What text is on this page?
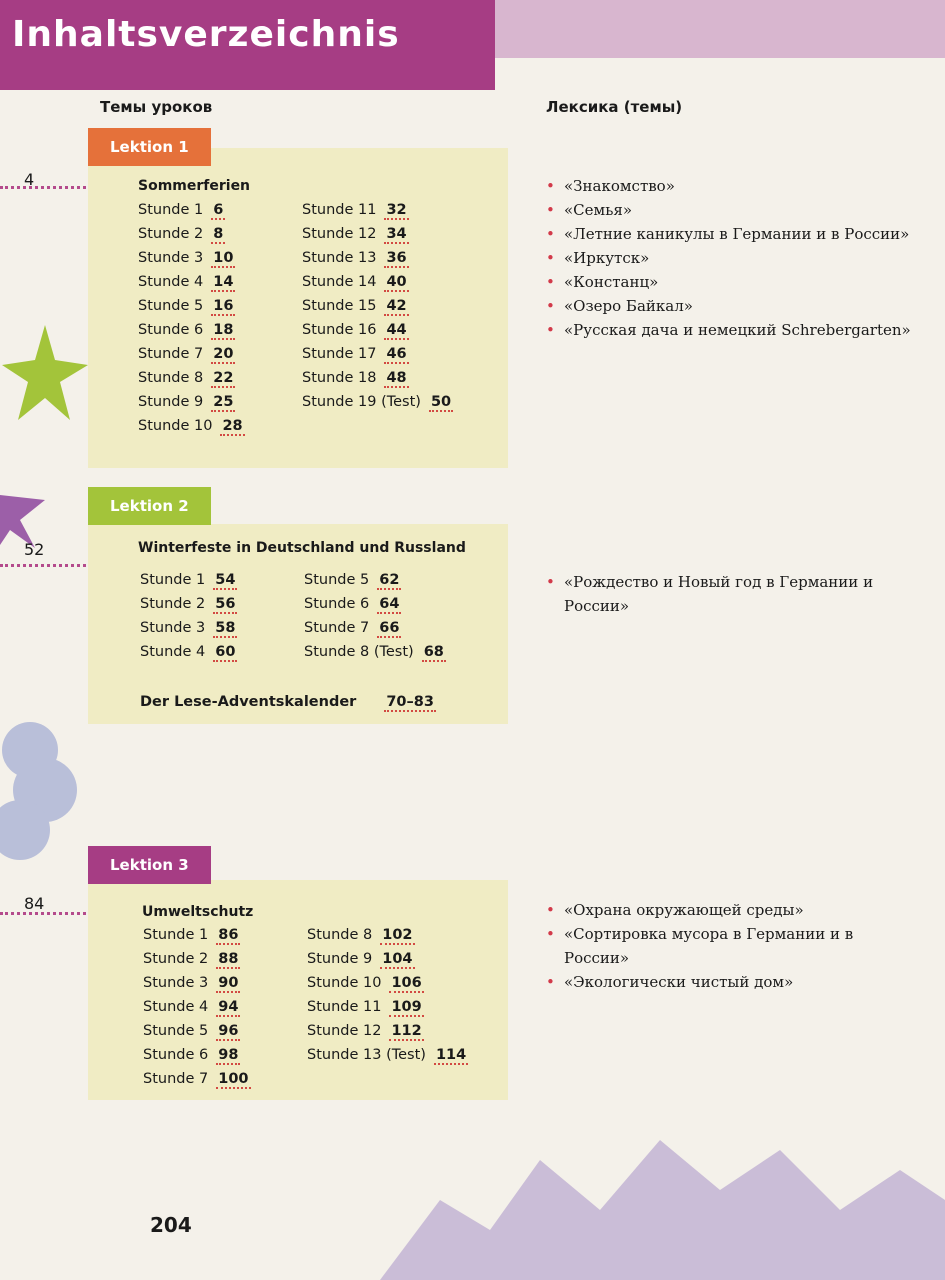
Inhaltsverzeichnis
Темы уроков	Лексика (темы)
Lektion 1
4	Sommerferien
Stunde 1 6
Stunde 2 8
Stunde 3 10
Stunde 4 14
Stunde 5 16
Stunde 6 18
Stunde 7 20
Stunde 8 22
Stunde 9 25
Stunde 10 28
Stunde 11 32
Stunde 12 34
Stunde 13 36
Stunde 14 40
Stunde 15 42
Stunde 16 44
Stunde 17 46
Stunde 18 48
Stunde 19 (Test) 50
• «Знакомство»
• «Семья»
• «Летние каникулы в Германии и в России»
• «Иркутск»
• «Констанц»
• «Озеро Байкал»
• «Русская дача и немецкий Schrebergarten»
Lektion 2
52	Winterfeste in Deutschland und Russland
Stunde 1 54
Stunde 2 56
Stunde 3 58
Stunde 4 60
Stunde 5 62
Stunde 6 64
Stunde 7 66
Stunde 8 (Test) 68
Der Lese-Adventskalender 70–83
• «Рождество и Новый год в Германии и России»
Lektion 3
84	Umweltschutz
Stunde 1 86
Stunde 2 88
Stunde 3 90
Stunde 4 94
Stunde 5 96
Stunde 6 98
Stunde 7 100
Stunde 8 102
Stunde 9 104
Stunde 10 106
Stunde 11 109
Stunde 12 112
Stunde 13 (Test) 114
• «Охрана окружающей среды»
• «Сортировка мусора в Германии и в России»
• «Экологически чистый дом»
204
